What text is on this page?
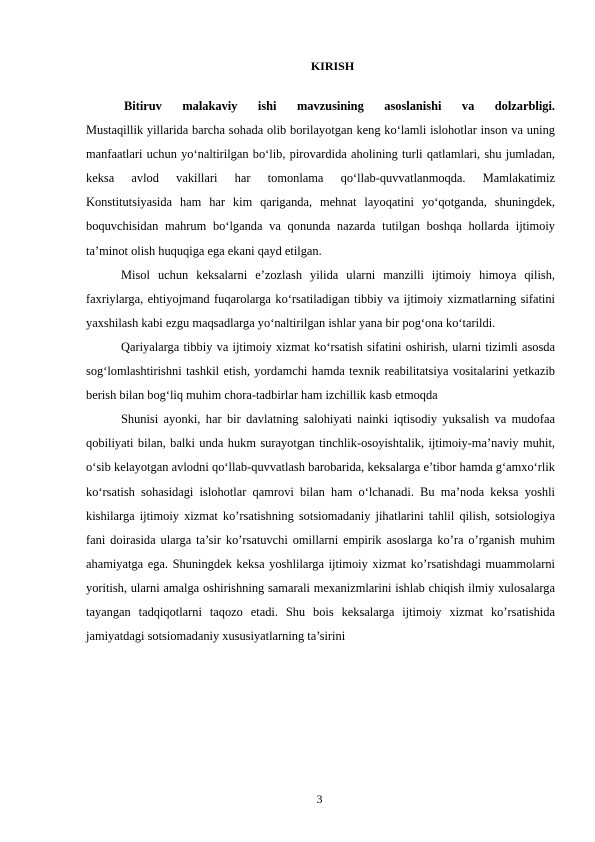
KIRISH

Bitiruv malakaviy ishi mavzusining asoslanishi va dolzarbligi. Mustaqillik yillarida barcha sohada olib borilayotgan keng ko‘lamli islohotlar inson va uning manfaatlari uchun yo‘naltirilgan bo‘lib, pirovardida aholining turli qatlamlari, shu jumladan, keksa avlod vakillari har tomonlama qo‘llab-quvvatlanmoqda. Mamlakatimiz Konstitutsiyasida ham har kim qariganda, mehnat layoqatini yo‘qotganda, shuningdek, boquvchisidan mahrum bo‘lganda va qonunda nazarda tutilgan boshqa hollarda ijtimoiy ta’minot olish huquqiga ega ekani qayd etilgan.

Misol uchun keksalarni e’zozlash yilida ularni manzilli ijtimoiy himoya qilish, faxriylarga, ehtiyojmand fuqarolarga ko‘rsatiladigan tibbiy va ijtimoiy xizmatlarning sifatini yaxshilash kabi ezgu maqsadlarga yo‘naltirilgan ishlar yana bir pog‘ona ko‘tarildi.

Qariyalarga tibbiy va ijtimoiy xizmat ko‘rsatish sifatini oshirish, ularni tizimli asosda sog‘lomlashtirishni tashkil etish, yordamchi hamda texnik reabilitatsiya vositalarini yetkazib berish bilan bog‘liq muhim chora-tadbirlar ham izchillik kasb etmoqda

Shunisi ayonki, har bir davlatning salohiyati nainki iqtisodiy yuksalish va mudofaa qobiliyati bilan, balki unda hukm surayotgan tinchlik-osoyishtalik, ijtimoiy-ma’naviy muhit, o‘sib kelayotgan avlodni qo‘llab-quvvatlash barobarida, keksalarga e’tibor hamda g‘amxo‘rlik ko‘rsatish sohasidagi islohotlar qamrovi bilan ham o‘lchanadi. Bu ma’noda keksa yoshli kishilarga ijtimoiy xizmat ko’rsatishning sotsiomadaniy jihatlarini tahlil qilish, sotsiologiya fani doirasida ularga ta’sir ko’rsatuvchi omillarni empirik asoslarga ko’ra o’rganish muhim ahamiyatga ega. Shuningdek keksa yoshlilarga ijtimoiy xizmat ko’rsatishdagi muammolarni yoritish, ularni amalga oshirishning samarali mexanizmlarini ishlab chiqish ilmiy xulosalarga tayangan tadqiqotlarni taqozo etadi. Shu bois keksalarga ijtimoiy xizmat ko’rsatishida jamiyatdagi sotsiomadaniy xususiyatlarning ta’sirini

3
